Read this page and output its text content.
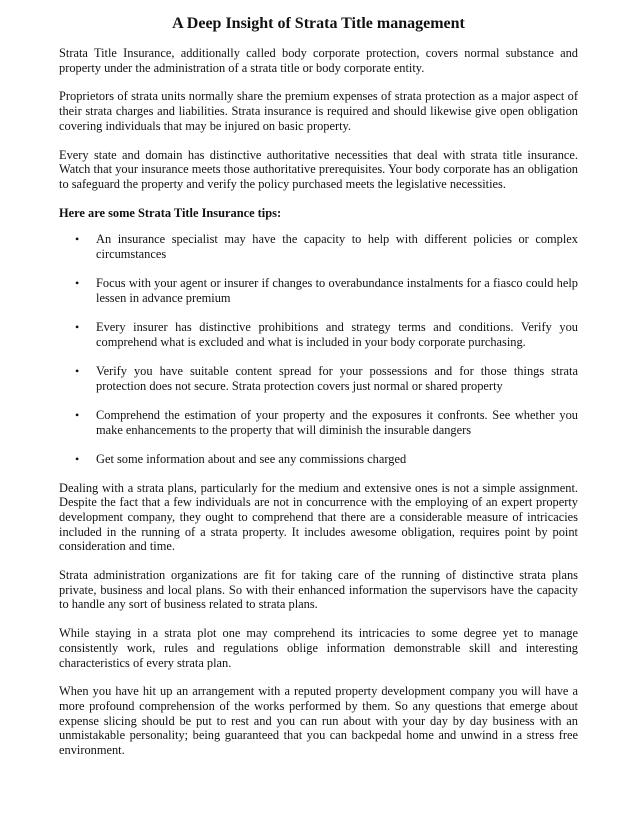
A Deep Insight of Strata Title management

Strata Title Insurance, additionally called body corporate protection, covers normal substance and property under the administration of a strata title or body corporate entity.

Proprietors of strata units normally share the premium expenses of strata protection as a major aspect of their strata charges and liabilities. Strata insurance is required and should likewise give open obligation covering individuals that may be injured on basic property.

Every state and domain has distinctive authoritative necessities that deal with strata title insurance. Watch that your insurance meets those authoritative prerequisites. Your body corporate has an obligation to safeguard the property and verify the policy purchased meets the legislative necessities.

Here are some Strata Title Insurance tips:

• An insurance specialist may have the capacity to help with different policies or complex circumstances
• Focus with your agent or insurer if changes to overabundance instalments for a fiasco could help lessen in advance premium
• Every insurer has distinctive prohibitions and strategy terms and conditions. Verify you comprehend what is excluded and what is included in your body corporate purchasing.
• Verify you have suitable content spread for your possessions and for those things strata protection does not secure. Strata protection covers just normal or shared property
• Comprehend the estimation of your property and the exposures it confronts. See whether you make enhancements to the property that will diminish the insurable dangers
• Get some information about and see any commissions charged

Dealing with a strata plans, particularly for the medium and extensive ones is not a simple assignment. Despite the fact that a few individuals are not in concurrence with the employing of an expert property development company, they ought to comprehend that there are a considerable measure of intricacies included in the running of a strata property. It includes awesome obligation, requires point by point consideration and time.

Strata administration organizations are fit for taking care of the running of distinctive strata plans private, business and local plans. So with their enhanced information the supervisors have the capacity to handle any sort of business related to strata plans.

While staying in a strata plot one may comprehend its intricacies to some degree yet to manage consistently work, rules and regulations oblige information demonstrable skill and interesting characteristics of every strata plan.

When you have hit up an arrangement with a reputed property development company you will have a more profound comprehension of the works performed by them. So any questions that emerge about expense slicing should be put to rest and you can run about with your day by day business with an unmistakable personality; being guaranteed that you can backpedal home and unwind in a stress free environment.
